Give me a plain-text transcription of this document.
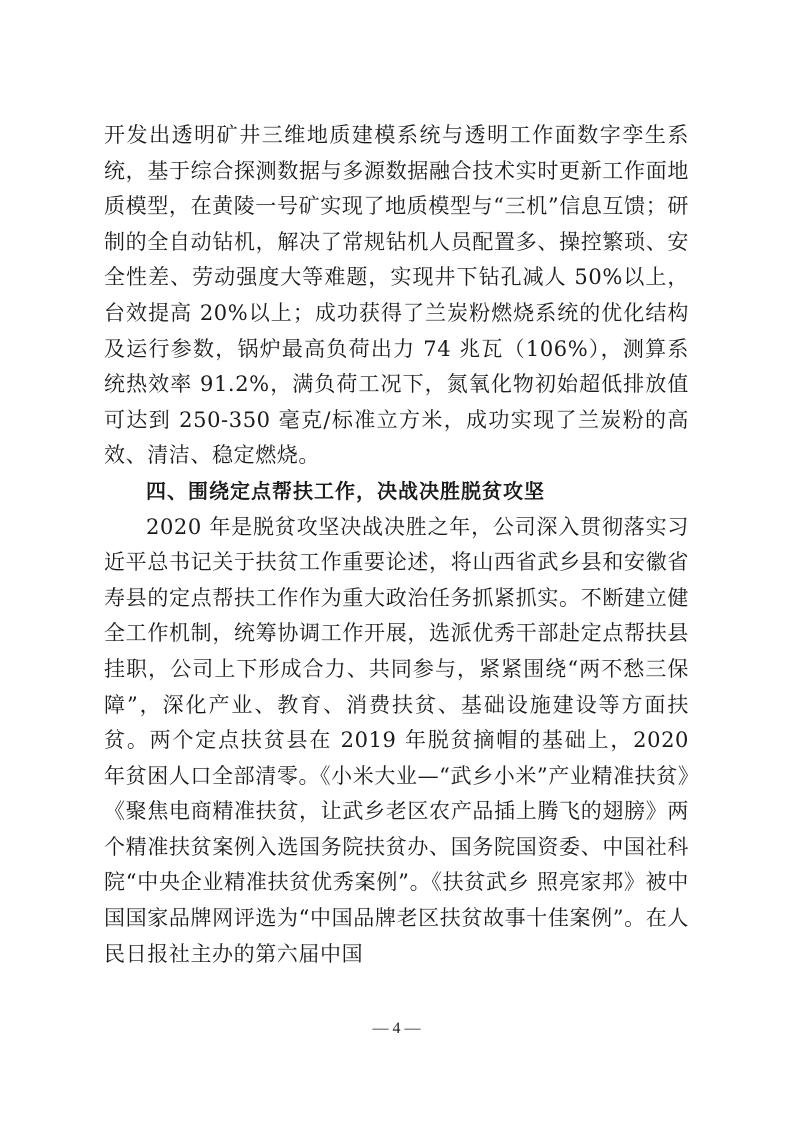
开发出透明矿井三维地质建模系统与透明工作面数字孪生系统，基于综合探测数据与多源数据融合技术实时更新工作面地质模型，在黄陵一号矿实现了地质模型与“三机”信息互馈；研制的全自动钻机，解决了常规钻机人员配置多、操控繁琐、安全性差、劳动强度大等难题，实现井下钻孔减人 50%以上，台效提高 20%以上；成功获得了兰炭粉燃烧系统的优化结构及运行参数，锅炉最高负荷出力 74 兆瓦（106%），测算系统热效率 91.2%，满负荷工况下，氮氧化物初始超低排放值可达到 250-350 毫克/标准立方米，成功实现了兰炭粉的高效、清洁、稳定燃烧。

四、围绕定点帮扶工作，决战决胜脱贫攻坚

2020 年是脱贫攻坚决战决胜之年，公司深入贯彻落实习近平总书记关于扶贫工作重要论述，将山西省武乡县和安徽省寿县的定点帮扶工作作为重大政治任务抓紧抓实。不断建立健全工作机制，统筹协调工作开展，选派优秀干部赴定点帮扶县挂职，公司上下形成合力、共同参与，紧紧围绕“两不愁三保障”，深化产业、教育、消费扶贫、基础设施建设等方面扶贫。两个定点扶贫县在 2019 年脱贫摘帽的基础上，2020 年贫困人口全部清零。《小米大业—“武乡小米”产业精准扶贫》《聚焦电商精准扶贫，让武乡老区农产品插上腾飞的翅膀》两个精准扶贫案例入选国务院扶贫办、国务院国资委、中国社科院“中央企业精准扶贫优秀案例”。《扶贫武乡 照亮家邦》被中国国家品牌网评选为“中国品牌老区扶贫故事十佳案例”。在人民日报社主办的第六届中国

— 4 —
